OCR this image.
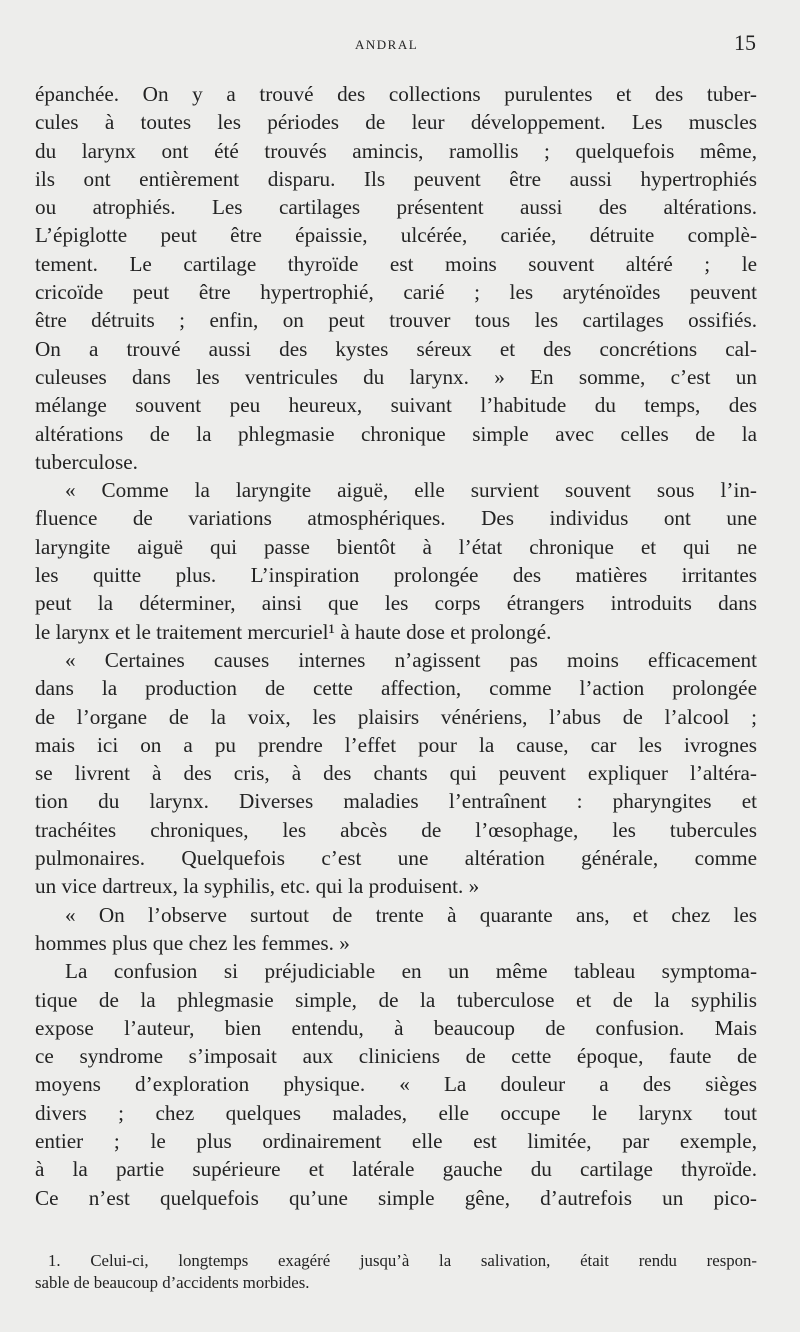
ANDRAL	15
épanchée. On y a trouvé des collections purulentes et des tuber-
cules à toutes les périodes de leur développement. Les muscles
du larynx ont été trouvés amincis, ramollis ; quelquefois même,
ils ont entièrement disparu. Ils peuvent être aussi hypertrophiés
ou atrophiés. Les cartilages présentent aussi des altérations.
L’épiglotte peut être épaissie, ulcérée, cariée, détruite complè-
tement. Le cartilage thyroïde est moins souvent altéré ; le
cricoïde peut être hypertrophié, carié ; les aryténoïdes peuvent
être détruits ; enfin, on peut trouver tous les cartilages ossifiés.
On a trouvé aussi des kystes séreux et des concrétions cal-
culeuses dans les ventricules du larynx. » En somme, c’est un
mélange souvent peu heureux, suivant l’habitude du temps, des
altérations de la phlegmasie chronique simple avec celles de la
tuberculose.
« Comme la laryngite aiguë, elle survient souvent sous l’in-
fluence de variations atmosphériques. Des individus ont une
laryngite aiguë qui passe bientôt à l’état chronique et qui ne
les quitte plus. L’inspiration prolongée des matières irritantes
peut la déterminer, ainsi que les corps étrangers introduits dans
le larynx et le traitement mercuriel¹ à haute dose et prolongé.
« Certaines causes internes n’agissent pas moins efficacement
dans la production de cette affection, comme l’action prolongée
de l’organe de la voix, les plaisirs vénériens, l’abus de l’alcool ;
mais ici on a pu prendre l’effet pour la cause, car les ivrognes
se livrent à des cris, à des chants qui peuvent expliquer l’altéra-
tion du larynx. Diverses maladies l’entraînent : pharyngites et
trachéites chroniques, les abcès de l’œsophage, les tubercules
pulmonaires. Quelquefois c’est une altération générale, comme
un vice dartreux, la syphilis, etc. qui la produisent. »
« On l’observe surtout de trente à quarante ans, et chez les
hommes plus que chez les femmes. »
La confusion si préjudiciable en un même tableau symptoma-
tique de la phlegmasie simple, de la tuberculose et de la syphilis
expose l’auteur, bien entendu, à beaucoup de confusion. Mais
ce syndrome s’imposait aux cliniciens de cette époque, faute de
moyens d’exploration physique. « La douleur a des sièges
divers ; chez quelques malades, elle occupe le larynx tout
entier ; le plus ordinairement elle est limitée, par exemple,
à la partie supérieure et latérale gauche du cartilage thyroïde.
Ce n’est quelquefois qu’une simple gêne, d’autrefois un pico-
1. Celui-ci, longtemps exagéré jusqu’à la salivation, était rendu respon-
sable de beaucoup d’accidents morbides.
